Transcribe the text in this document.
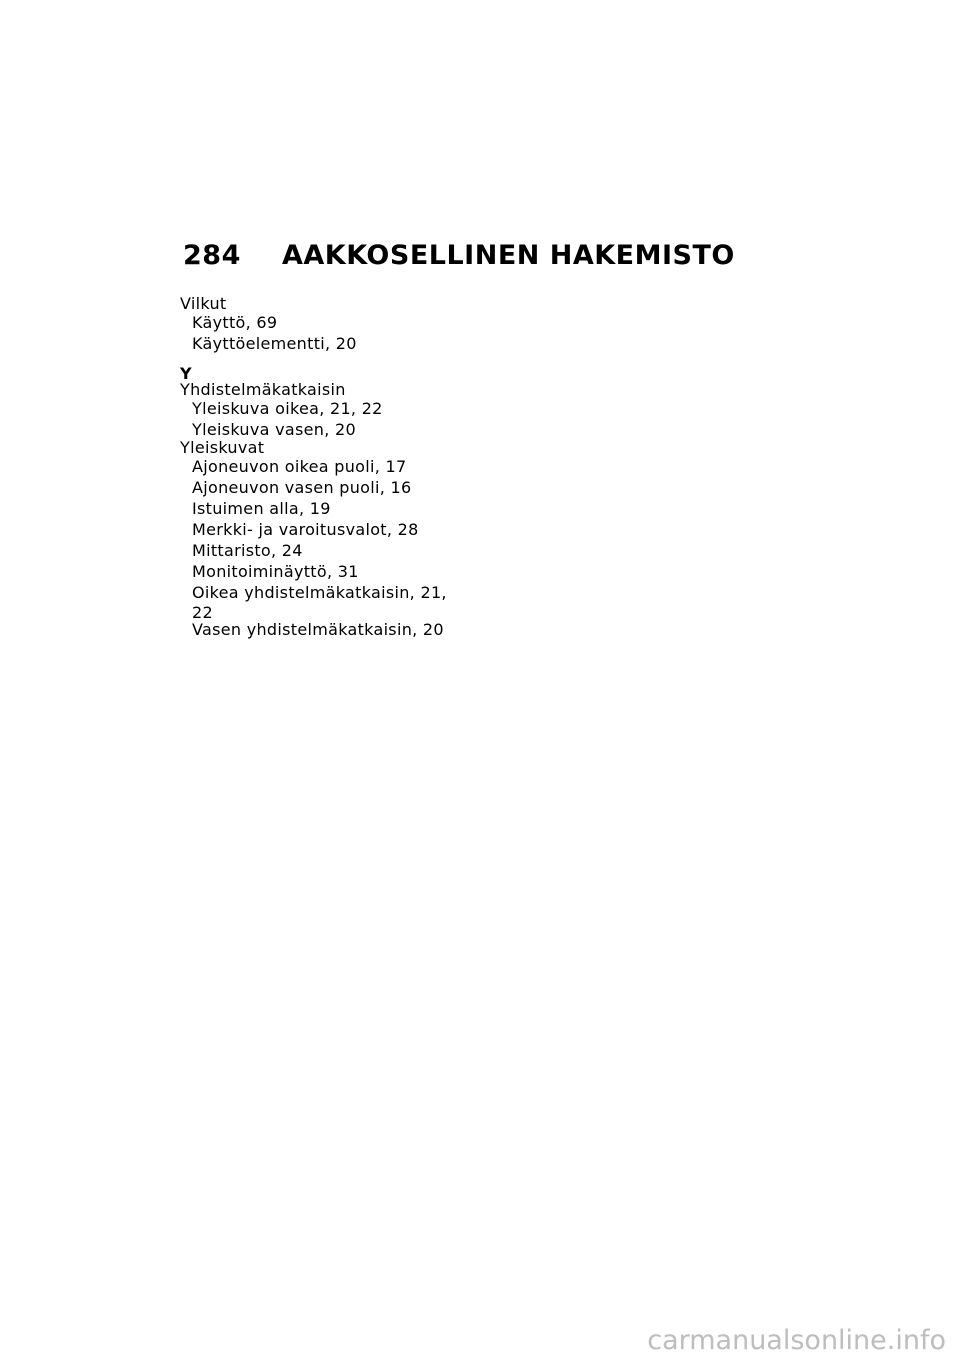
284 AAKKOSELLINEN HAKEMISTO
Vilkut
Käyttö, 69
Käyttöelementti, 20
Y
Yhdistelmäkatkaisin
Yleiskuva oikea, 21, 22
Yleiskuva vasen, 20
Yleiskuvat
Ajoneuvon oikea puoli, 17
Ajoneuvon vasen puoli, 16
Istuimen alla, 19
Merkki- ja varoitusvalot, 28
Mittaristo, 24
Monitoiminäyttö, 31
Oikea yhdistelmäkatkaisin, 21,
22
Vasen yhdistelmäkatkaisin, 20
carmanualsonline.info
